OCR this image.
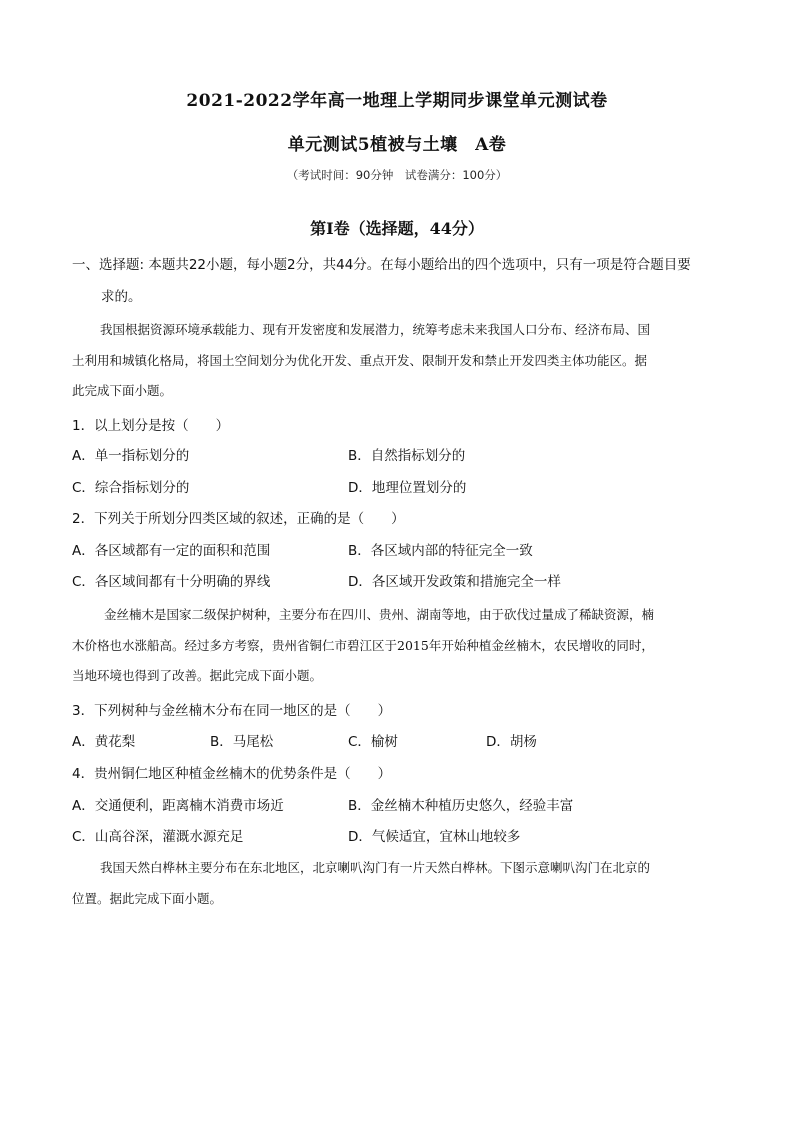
2021-2022学年高一地理上学期同步课堂单元测试卷
单元测试5植被与土壤　A卷
（考试时间：90分钟　试卷满分：100分）
第Ⅰ卷（选择题，44分）
一、选择题: 本题共22小题，每小题2分，共44分。在每小题给出的四个选项中，只有一项是符合题目要
求的。
我国根据资源环境承载能力、现有开发密度和发展潜力，统筹考虑未来我国人口分布、经济布局、国
土利用和城镇化格局，将国土空间划分为优化开发、重点开发、限制开发和禁止开发四类主体功能区。据
此完成下面小题。
1．以上划分是按（　　）
A．单一指标划分的	B．自然指标划分的
C．综合指标划分的	D．地理位置划分的
2．下列关于所划分四类区域的叙述，正确的是（　　）
A．各区域都有一定的面积和范围	B．各区域内部的特征完全一致
C．各区域间都有十分明确的界线	D．各区域开发政策和措施完全一样
金丝楠木是国家二级保护树种，主要分布在四川、贵州、湖南等地，由于砍伐过量成了稀缺资源，楠
木价格也水涨船高。经过多方考察，贵州省铜仁市碧江区于2015年开始种植金丝楠木，农民增收的同时，
当地环境也得到了改善。据此完成下面小题。
3．下列树种与金丝楠木分布在同一地区的是（　　）
A．黄花梨	B．马尾松	C．榆树	D．胡杨
4．贵州铜仁地区种植金丝楠木的优势条件是（　　）
A．交通便利，距离楠木消费市场近	B．金丝楠木种植历史悠久，经验丰富
C．山高谷深，灌溉水源充足	D．气候适宜，宜林山地较多
我国天然白桦林主要分布在东北地区，北京喇叭沟门有一片天然白桦林。下图示意喇叭沟门在北京的
位置。据此完成下面小题。
